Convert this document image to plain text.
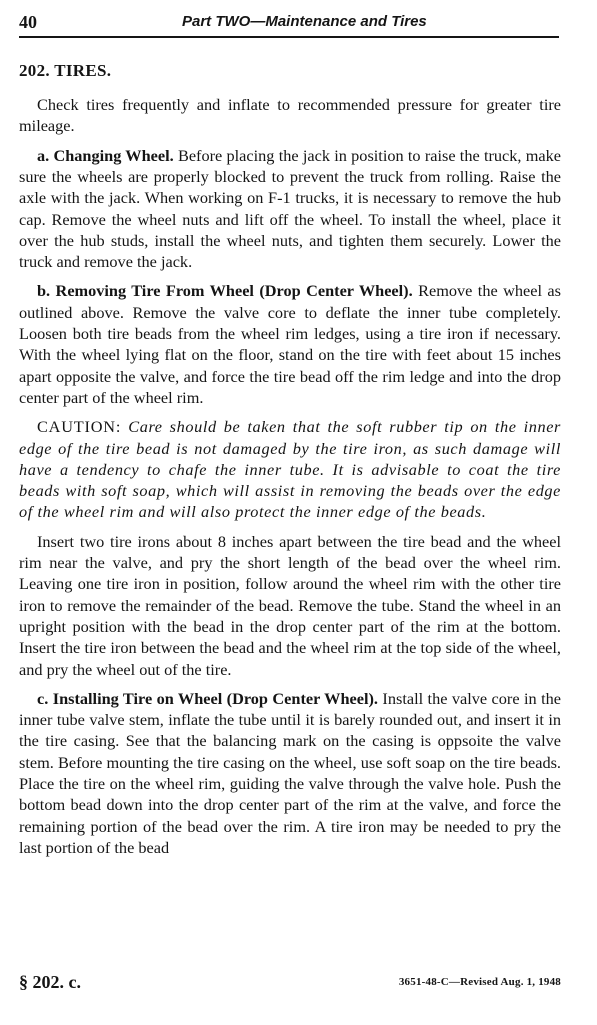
40	Part TWO—Maintenance and Tires
202. TIRES.

Check tires frequently and inflate to recommended pressure for greater tire mileage.

a. Changing Wheel. Before placing the jack in position to raise the truck, make sure the wheels are properly blocked to prevent the truck from rolling. Raise the axle with the jack. When working on F-1 trucks, it is necessary to remove the hub cap. Remove the wheel nuts and lift off the wheel. To install the wheel, place it over the hub studs, install the wheel nuts, and tighten them securely. Lower the truck and remove the jack.

b. Removing Tire From Wheel (Drop Center Wheel). Remove the wheel as outlined above. Remove the valve core to deflate the inner tube completely. Loosen both tire beads from the wheel rim ledges, using a tire iron if necessary. With the wheel lying flat on the floor, stand on the tire with feet about 15 inches apart opposite the valve, and force the tire bead off the rim ledge and into the drop center part of the wheel rim.

CAUTION: Care should be taken that the soft rubber tip on the inner edge of the tire bead is not damaged by the tire iron, as such damage will have a tendency to chafe the inner tube. It is advisable to coat the tire beads with soft soap, which will assist in removing the beads over the edge of the wheel rim and will also protect the inner edge of the beads.

Insert two tire irons about 8 inches apart between the tire bead and the wheel rim near the valve, and pry the short length of the bead over the wheel rim. Leaving one tire iron in position, follow around the wheel rim with the other tire iron to remove the remainder of the bead. Remove the tube. Stand the wheel in an upright position with the bead in the drop center part of the rim at the bottom. Insert the tire iron between the bead and the wheel rim at the top side of the wheel, and pry the wheel out of the tire.

c. Installing Tire on Wheel (Drop Center Wheel). Install the valve core in the inner tube valve stem, inflate the tube until it is barely rounded out, and insert it in the tire casing. See that the balancing mark on the casing is oppsoite the valve stem. Before mounting the tire casing on the wheel, use soft soap on the tire beads. Place the tire on the wheel rim, guiding the valve through the valve hole. Push the bottom bead down into the drop center part of the rim at the valve, and force the remaining portion of the bead over the rim. A tire iron may be needed to pry the last portion of the bead

§ 202. c.	3651-48-C—Revised Aug. 1, 1948
